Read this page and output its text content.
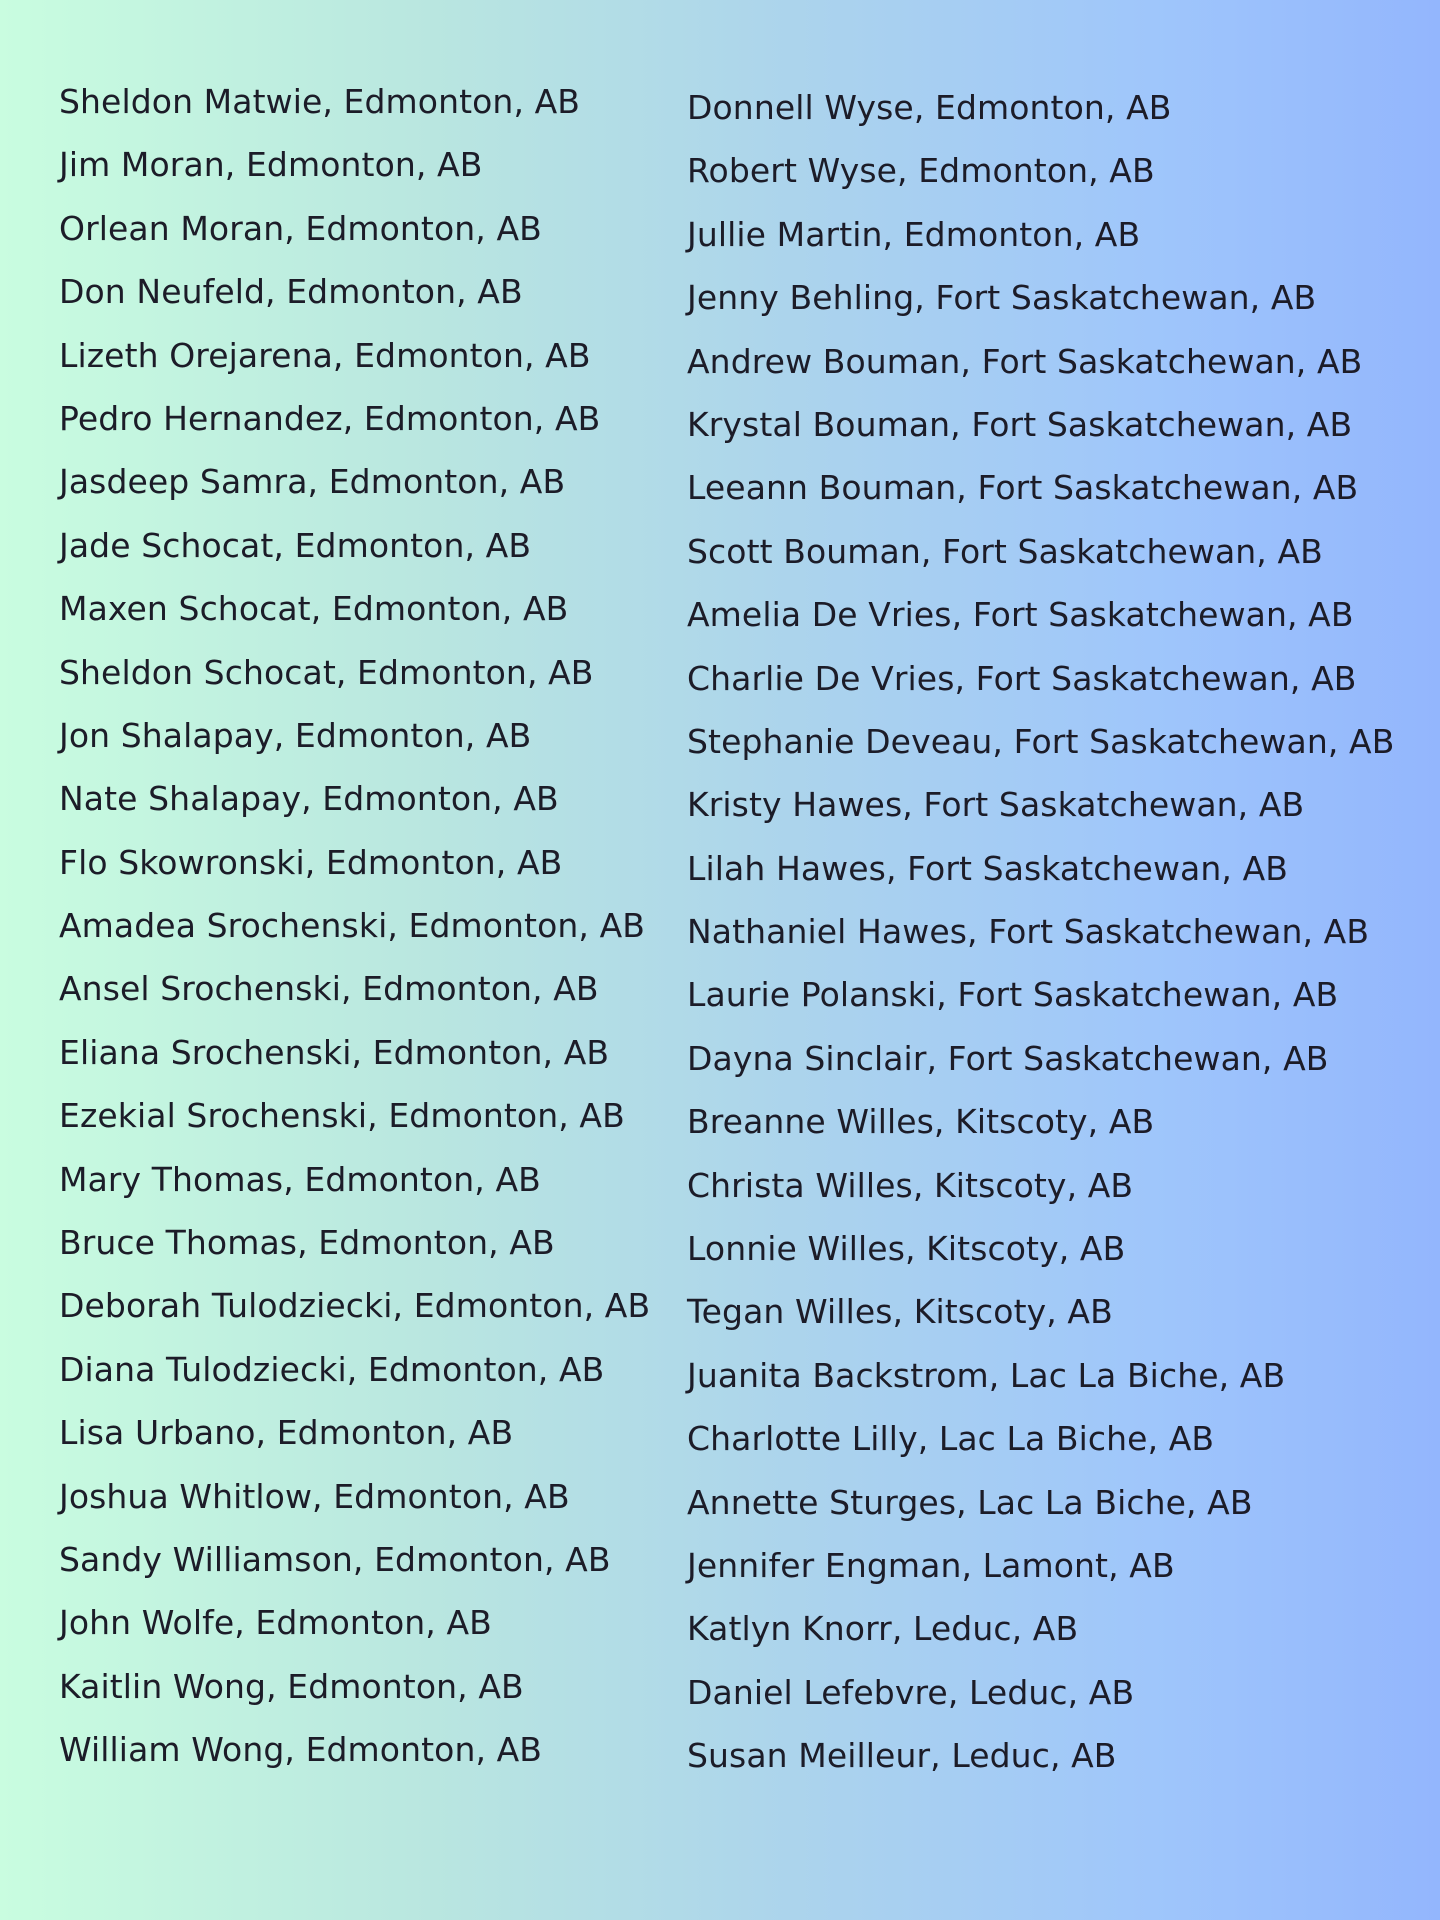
Sheldon Matwie, Edmonton, AB
Jim Moran, Edmonton, AB
Orlean Moran, Edmonton, AB
Don Neufeld, Edmonton, AB
Lizeth Orejarena, Edmonton, AB
Pedro Hernandez, Edmonton, AB
Jasdeep Samra, Edmonton, AB
Jade Schocat, Edmonton, AB
Maxen Schocat, Edmonton, AB
Sheldon Schocat, Edmonton, AB
Jon Shalapay, Edmonton, AB
Nate Shalapay, Edmonton, AB
Flo Skowronski, Edmonton, AB
Amadea Srochenski, Edmonton, AB
Ansel Srochenski, Edmonton, AB
Eliana Srochenski, Edmonton, AB
Ezekial Srochenski, Edmonton, AB
Mary Thomas, Edmonton, AB
Bruce Thomas, Edmonton, AB
Deborah Tulodziecki, Edmonton, AB
Diana Tulodziecki, Edmonton, AB
Lisa Urbano, Edmonton, AB
Joshua Whitlow, Edmonton, AB
Sandy Williamson, Edmonton, AB
John Wolfe, Edmonton, AB
Kaitlin Wong, Edmonton, AB
William Wong, Edmonton, AB
Donnell Wyse, Edmonton, AB
Robert Wyse, Edmonton, AB
Jullie Martin, Edmonton, AB
Jenny Behling, Fort Saskatchewan, AB
Andrew Bouman, Fort Saskatchewan, AB
Krystal Bouman, Fort Saskatchewan, AB
Leeann Bouman, Fort Saskatchewan, AB
Scott Bouman, Fort Saskatchewan, AB
Amelia De Vries, Fort Saskatchewan, AB
Charlie De Vries, Fort Saskatchewan, AB
Stephanie Deveau, Fort Saskatchewan, AB
Kristy Hawes, Fort Saskatchewan, AB
Lilah Hawes, Fort Saskatchewan, AB
Nathaniel Hawes, Fort Saskatchewan, AB
Laurie Polanski, Fort Saskatchewan, AB
Dayna Sinclair, Fort Saskatchewan, AB
Breanne Willes, Kitscoty, AB
Christa Willes, Kitscoty, AB
Lonnie Willes, Kitscoty, AB
Tegan Willes, Kitscoty, AB
Juanita Backstrom, Lac La Biche, AB
Charlotte Lilly, Lac La Biche, AB
Annette Sturges, Lac La Biche, AB
Jennifer Engman, Lamont, AB
Katlyn Knorr, Leduc, AB
Daniel Lefebvre, Leduc, AB
Susan Meilleur, Leduc, AB
